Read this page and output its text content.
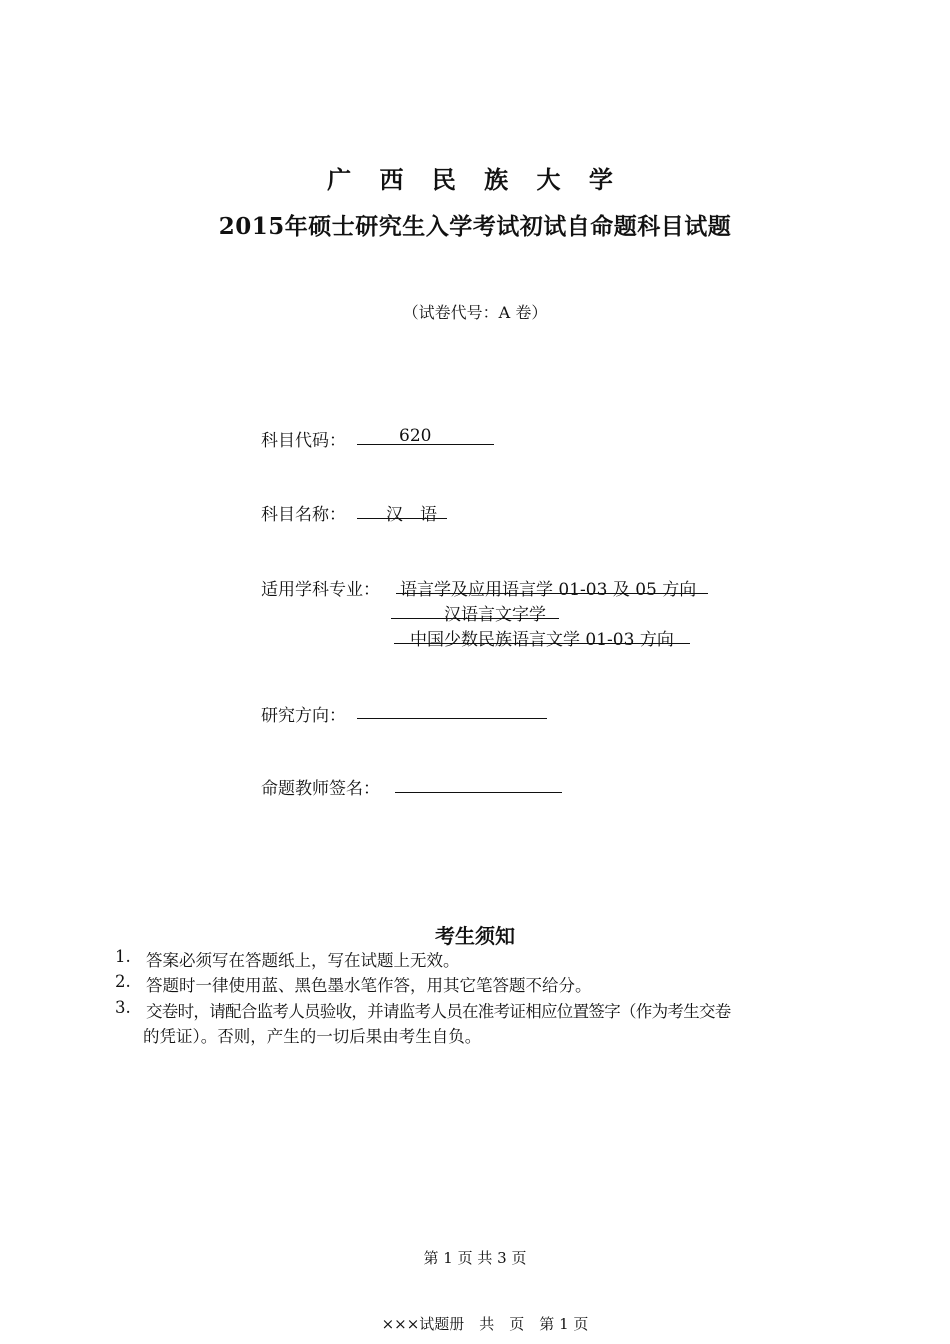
广 西 民 族 大 学
2015年硕士研究生入学考试初试自命题科目试题
（试卷代号：A 卷）
科目代码：	620
科目名称： 汉　语
适用学科专业： 语言学及应用语言学 01-03 及 05 方向
汉语言文字学
中国少数民族语言文学 01-03 方向
研究方向：
命题教师签名：
考生须知
1. 答案必须写在答题纸上，写在试题上无效。
2. 答题时一律使用蓝、黑色墨水笔作答，用其它笔答题不给分。
3. 交卷时，请配合监考人员验收，并请监考人员在准考证相应位置签字（作为考生交卷
的凭证）。否则，产生的一切后果由考生自负。
第 1 页 共 3 页
×××试题册　共　页　第 1 页
